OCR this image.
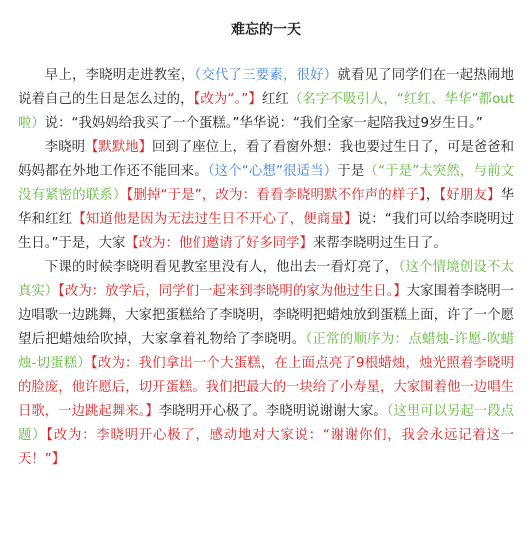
难忘的一天

早上，李晓明走进教室，（交代了三要素，很好）就看见了同学们在一起热闹地说着自己的生日是怎么过的，【改为“。”】红红（名字不吸引人，“红红、华华”都out啦）说：“我妈妈给我买了一个蛋糕。”华华说：“我们全家一起陪我过9岁生日。”

李晓明【默默地】回到了座位上，看了看窗外想：我也要过生日了，可是爸爸和妈妈都在外地工作还不能回来。（这个“心想”很适当）于是（“于是”太突然，与前文没有紧密的联系）【删掉“于是”，改为：看看李晓明默不作声的样子】，【好朋友】华华和红红【知道他是因为无法过生日不开心了，便商量】说：“我们可以给李晓明过生日。”于是，大家【改为：他们邀请了好多同学】来帮李晓明过生日了。

下课的时候李晓明看见教室里没有人，他出去一看灯亮了，（这个情境创设不太真实）【改为：放学后，同学们一起来到李晓明的家为他过生日。】大家围着李晓明一边唱歌一边跳舞，大家把蛋糕给了李晓明，李晓明把蜡烛放到蛋糕上面，许了一个愿望后把蜡烛给吹掉，大家拿着礼物给了李晓明。（正常的顺序为：点蜡烛-许愿-吹蜡烛-切蛋糕）【改为：我们拿出一个大蛋糕，在上面点亮了9根蜡烛，烛光照着李晓明的脸庞，他许愿后，切开蛋糕。我们把最大的一块给了小寿星，大家围着他一边唱生日歌，一边跳起舞来。】李晓明开心极了。李晓明说谢谢大家。（这里可以另起一段点题）【改为：李晓明开心极了，感动地对大家说：“谢谢你们，我会永远记着这一天！”】
